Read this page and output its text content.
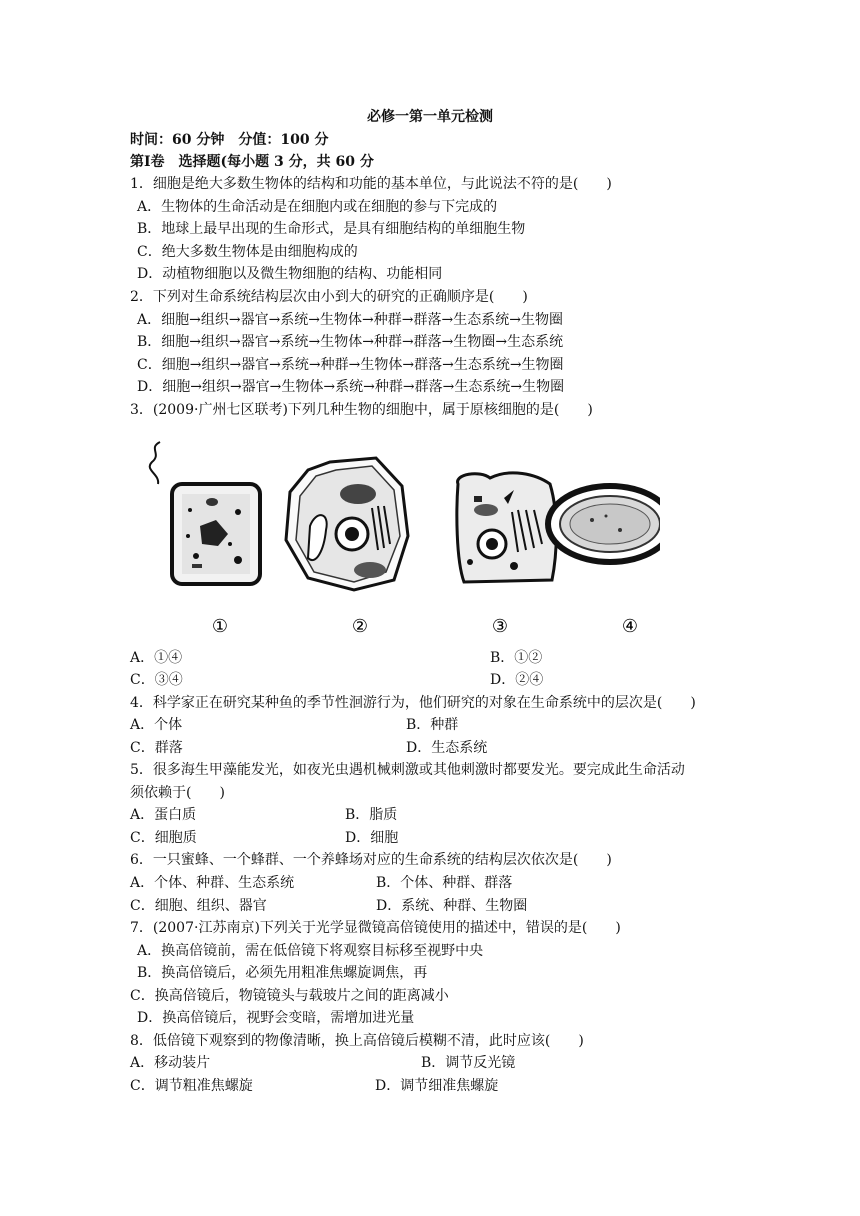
必修一第一单元检测
时间：60 分钟　分值：100 分
第Ⅰ卷　选择题(每小题 3 分，共 60 分
1．细胞是绝大多数生物体的结构和功能的基本单位，与此说法不符的是(　　)
A．生物体的生命活动是在细胞内或在细胞的参与下完成的
B．地球上最早出现的生命形式，是具有细胞结构的单细胞生物
C．绝大多数生物体是由细胞构成的
D．动植物细胞以及微生物细胞的结构、功能相同
2．下列对生命系统结构层次由小到大的研究的正确顺序是(　　)
A．细胞→组织→器官→系统→生物体→种群→群落→生态系统→生物圈
B．细胞→组织→器官→系统→生物体→种群→群落→生物圈→生态系统
C．细胞→组织→器官→系统→种群→生物体→群落→生态系统→生物圈
D．细胞→组织→器官→生物体→系统→种群→群落→生态系统→生物圈
3．(2009·广州七区联考)下列几种生物的细胞中，属于原核细胞的是(　　)
①	②	③	④
A．①④	B．①②
C．③④	D．②④
4．科学家正在研究某种鱼的季节性洄游行为，他们研究的对象在生命系统中的层次是(　　)
A．个体	B．种群
C．群落	D．生态系统
5．很多海生甲藻能发光，如夜光虫遇机械刺激或其他刺激时都要发光。要完成此生命活动
须依赖于(　　)
A．蛋白质	B．脂质
C．细胞质	D．细胞
6．一只蜜蜂、一个蜂群、一个养蜂场对应的生命系统的结构层次依次是(　　)
A．个体、种群、生态系统	B．个体、种群、群落
C．细胞、组织、器官	D．系统、种群、生物圈
7．(2007·江苏南京)下列关于光学显微镜高倍镜使用的描述中，错误的是(　　)
A．换高倍镜前，需在低倍镜下将观察目标移至视野中央
B．换高倍镜后，必须先用粗准焦螺旋调焦，再
C．换高倍镜后，物镜镜头与载玻片之间的距离减小
D．换高倍镜后，视野会变暗，需增加进光量
8．低倍镜下观察到的物像清晰，换上高倍镜后模糊不清，此时应该(　　)
A．移动装片	B．调节反光镜
C．调节粗准焦螺旋	D．调节细准焦螺旋
